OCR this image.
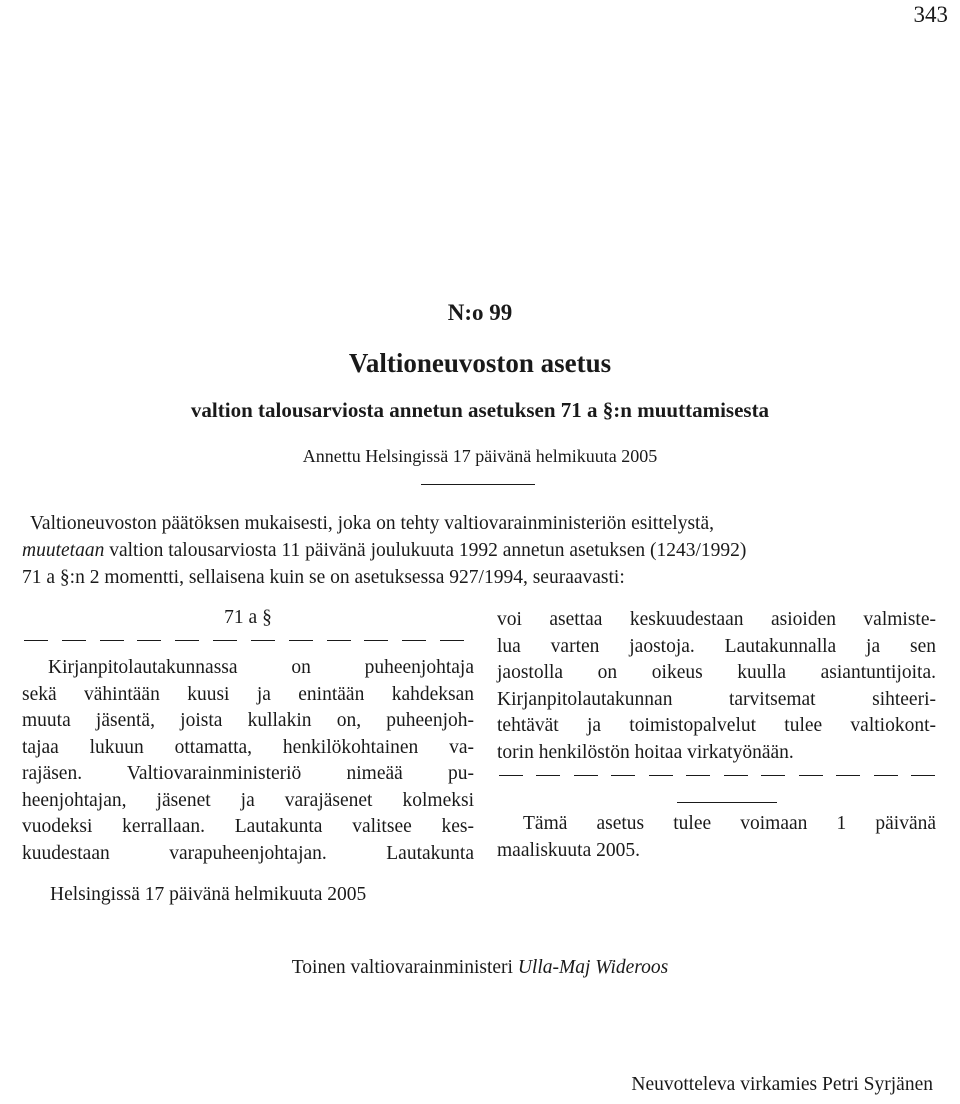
343
N:o 99
Valtioneuvoston asetus
valtion talousarviosta annetun asetuksen 71 a §:n muuttamisesta
Annettu Helsingissä 17 päivänä helmikuuta 2005
Valtioneuvoston päätöksen mukaisesti, joka on tehty valtiovarainministeriön esittelystä,
muutetaan valtion talousarviosta 11 päivänä joulukuuta 1992 annetun asetuksen (1243/1992)
71 a §:n 2 momentti, sellaisena kuin se on asetuksessa 927/1994, seuraavasti:
71 a §
Kirjanpitolautakunnassa on puheenjohtaja
sekä vähintään kuusi ja enintään kahdeksan
muuta jäsentä, joista kullakin on, puheenjoh-
tajaa lukuun ottamatta, henkilökohtainen va-
rajäsen. Valtiovarainministeriö nimeää pu-
heenjohtajan, jäsenet ja varajäsenet kolmeksi
vuodeksi kerrallaan. Lautakunta valitsee kes-
kuudestaan varapuheenjohtajan. Lautakunta
voi asettaa keskuudestaan asioiden valmiste-
lua varten jaostoja. Lautakunnalla ja sen
jaostolla on oikeus kuulla asiantuntijoita.
Kirjanpitolautakunnan tarvitsemat sihteeri-
tehtävät ja toimistopalvelut tulee valtiokont-
torin henkilöstön hoitaa virkatyönään.
Tämä asetus tulee voimaan 1 päivänä
maaliskuuta 2005.
Helsingissä 17 päivänä helmikuuta 2005
Toinen valtiovarainministeri Ulla-Maj Wideroos
Neuvotteleva virkamies Petri Syrjänen
